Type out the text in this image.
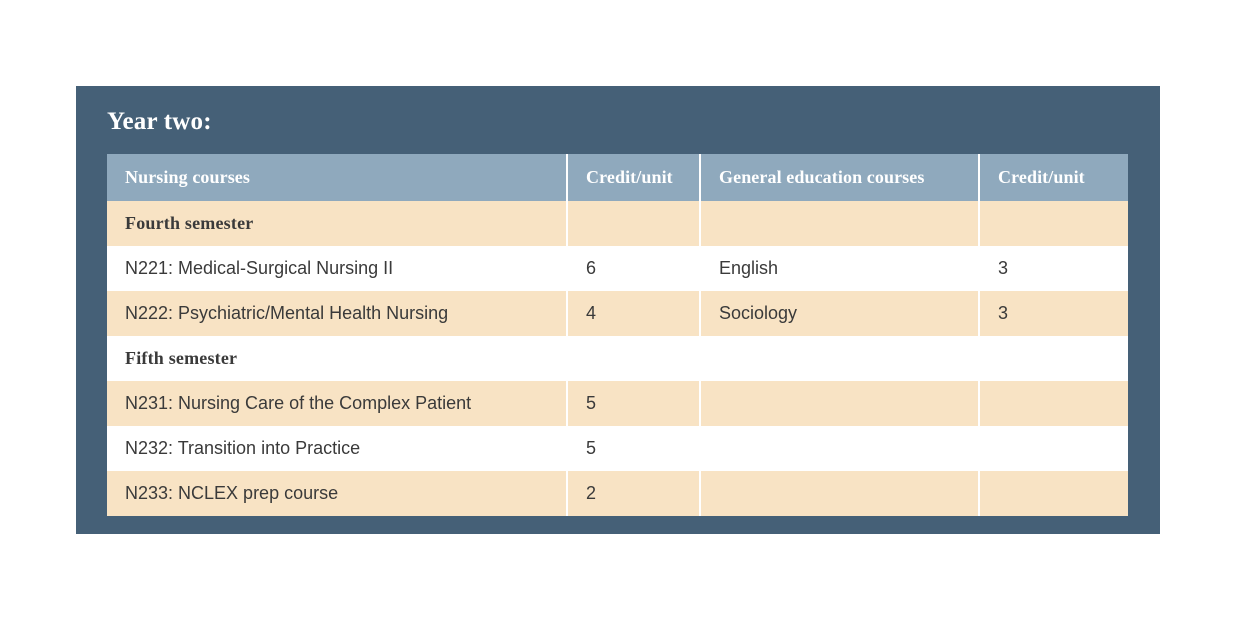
Year two:
Nursing courses	Credit/unit	General education courses	Credit/unit
Fourth semester			
N221: Medical-Surgical Nursing II	6	English	3
N222: Psychiatric/Mental Health Nursing	4	Sociology	3
Fifth semester			
N231: Nursing Care of the Complex Patient	5		
N232: Transition into Practice	5		
N233: NCLEX prep course	2		
